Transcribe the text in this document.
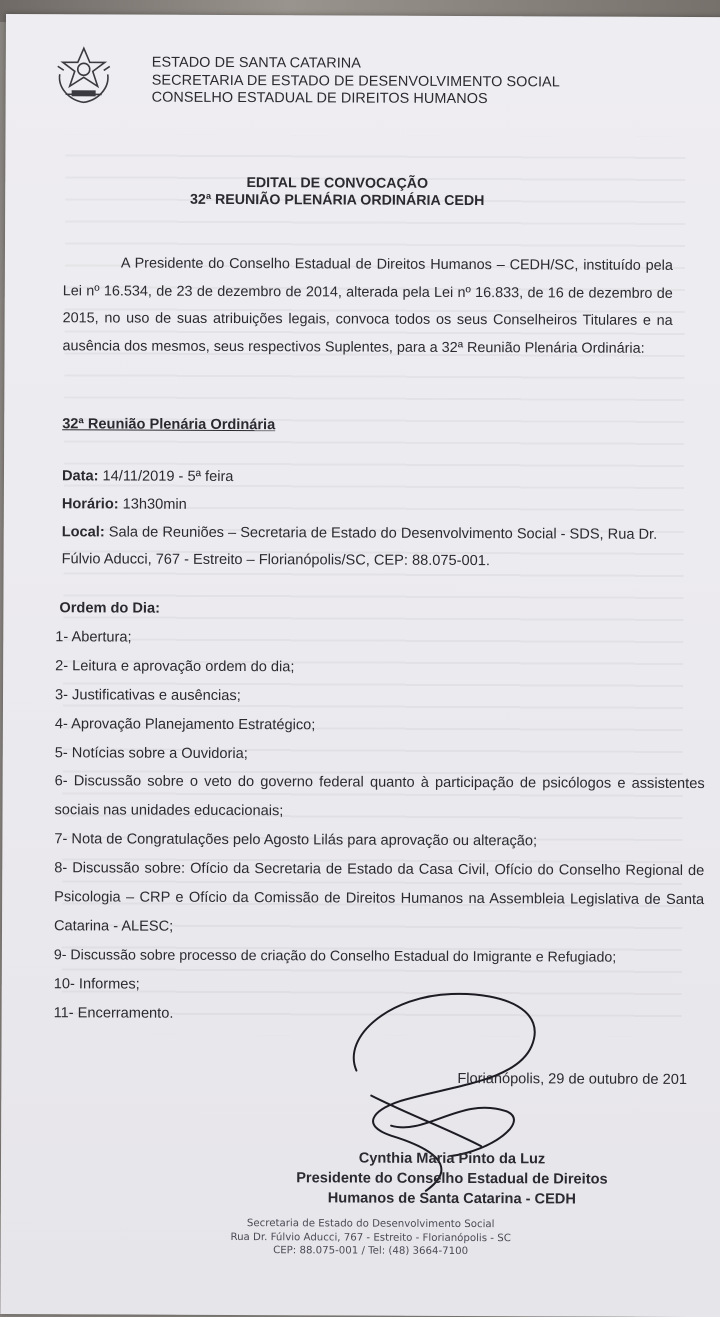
ESTADO DE SANTA CATARINA
SECRETARIA DE ESTADO DE DESENVOLVIMENTO SOCIAL
CONSELHO ESTADUAL DE DIREITOS HUMANOS
EDITAL DE CONVOCAÇÃO
32ª REUNIÃO PLENÁRIA ORDINÁRIA CEDH

A Presidente do Conselho Estadual de Direitos Humanos – CEDH/SC, instituído pela Lei nº 16.534, de 23 de dezembro de 2014, alterada pela Lei nº 16.833, de 16 de dezembro de 2015, no uso de suas atribuições legais, convoca todos os seus Conselheiros Titulares e na ausência dos mesmos, seus respectivos Suplentes, para a 32ª Reunião Plenária Ordinária:

32ª Reunião Plenária Ordinária
Data: 14/11/2019 - 5ª feira
Horário: 13h30min
Local: Sala de Reuniões – Secretaria de Estado do Desenvolvimento Social - SDS, Rua Dr. Fúlvio Aducci, 767 - Estreito – Florianópolis/SC, CEP: 88.075-001.
Ordem do Dia:
1- Abertura;
2- Leitura e aprovação ordem do dia;
3- Justificativas e ausências;
4- Aprovação Planejamento Estratégico;
5- Notícias sobre a Ouvidoria;
6- Discussão sobre o veto do governo federal quanto à participação de psicólogos e assistentes sociais nas unidades educacionais;
7- Nota de Congratulações pelo Agosto Lilás para aprovação ou alteração;
8- Discussão sobre: Ofício da Secretaria de Estado da Casa Civil, Ofício do Conselho Regional de Psicologia – CRP e Ofício da Comissão de Direitos Humanos na Assembleia Legislativa de Santa Catarina - ALESC;
9- Discussão sobre processo de criação do Conselho Estadual do Imigrante e Refugiado;
10- Informes;
11- Encerramento.
Florianópolis, 29 de outubro de 201
Cynthia Maria Pinto da Luz
Presidente do Conselho Estadual de Direitos
Humanos de Santa Catarina - CEDH
Secretaria de Estado do Desenvolvimento Social
Rua Dr. Fúlvio Aducci, 767 - Estreito - Florianópolis - SC
CEP: 88.075-001 / Tel: (48) 3664-7100
